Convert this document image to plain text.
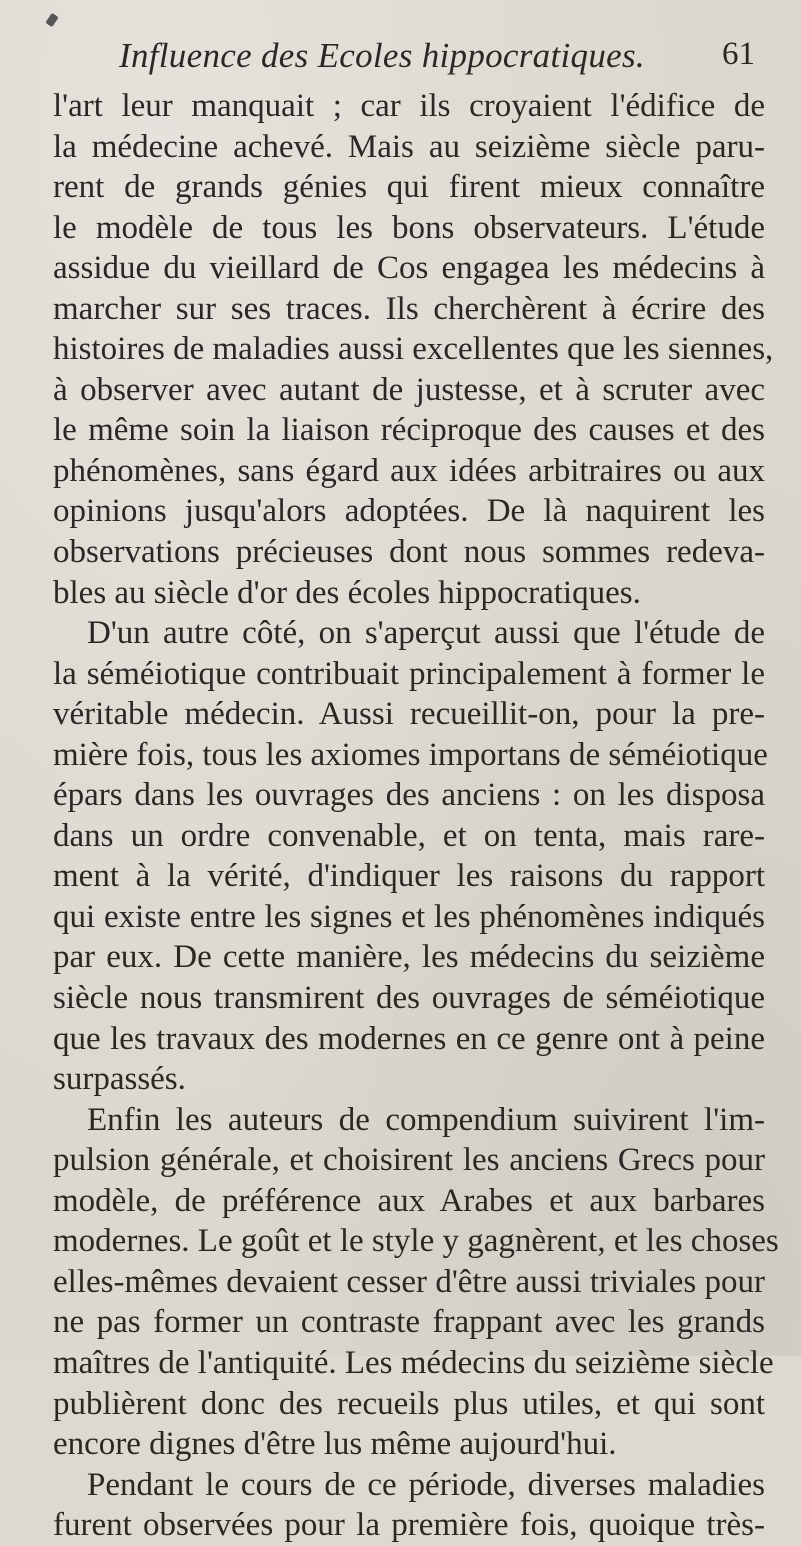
Influence des Ecoles hippocratiques. 61
l'art leur manquait ; car ils croyaient l'édifice de
la médecine achevé. Mais au seizième siècle paru-
rent de grands génies qui firent mieux connaître
le modèle de tous les bons observateurs. L'étude
assidue du vieillard de Cos engagea les médecins à
marcher sur ses traces. Ils cherchèrent à écrire des
histoires de maladies aussi excellentes que les siennes,
à observer avec autant de justesse, et à scruter avec
le même soin la liaison réciproque des causes et des
phénomènes, sans égard aux idées arbitraires ou aux
opinions jusqu'alors adoptées. De là naquirent les
observations précieuses dont nous sommes redeva-
bles au siècle d'or des écoles hippocratiques.
D'un autre côté, on s'aperçut aussi que l'étude de
la séméiotique contribuait principalement à former le
véritable médecin. Aussi recueillit-on, pour la pre-
mière fois, tous les axiomes importans de séméiotique
épars dans les ouvrages des anciens : on les disposa
dans un ordre convenable, et on tenta, mais rare-
ment à la vérité, d'indiquer les raisons du rapport
qui existe entre les signes et les phénomènes indiqués
par eux. De cette manière, les médecins du seizième
siècle nous transmirent des ouvrages de séméiotique
que les travaux des modernes en ce genre ont à peine
surpassés.
Enfin les auteurs de compendium suivirent l'im-
pulsion générale, et choisirent les anciens Grecs pour
modèle, de préférence aux Arabes et aux barbares
modernes. Le goût et le style y gagnèrent, et les choses
elles-mêmes devaient cesser d'être aussi triviales pour
ne pas former un contraste frappant avec les grands
maîtres de l'antiquité. Les médecins du seizième siècle
publièrent donc des recueils plus utiles, et qui sont
encore dignes d'être lus même aujourd'hui.
Pendant le cours de ce période, diverses maladies
furent observées pour la première fois, quoique très-
